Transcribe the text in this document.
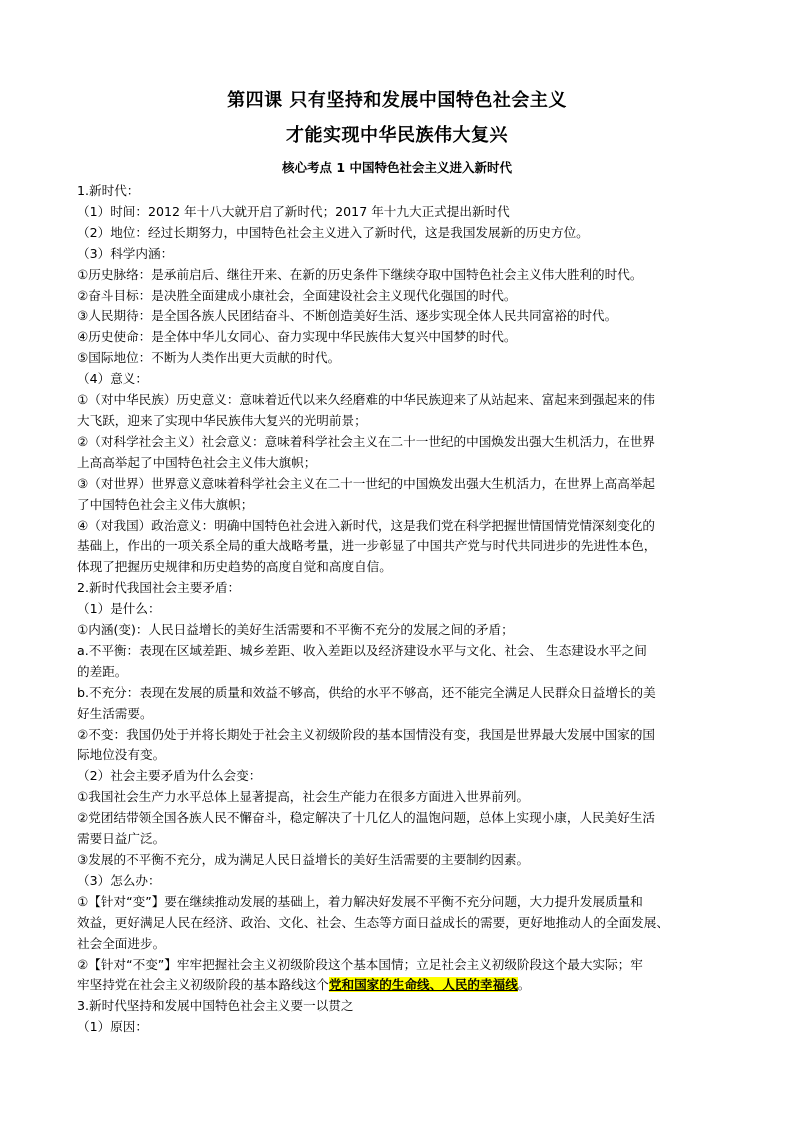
第四课 只有坚持和发展中国特色社会主义
才能实现中华民族伟大复兴
核心考点 1 中国特色社会主义进入新时代

1.新时代：

（1）时间：2012 年十八大就开启了新时代；2017 年十九大正式提出新时代

（2）地位：经过长期努力，中国特色社会主义进入了新时代，这是我国发展新的历史方位。

（3）科学内涵：

①历史脉络：是承前启后、继往开来、在新的历史条件下继续夺取中国特色社会主义伟大胜利的时代。

②奋斗目标：是决胜全面建成小康社会，全面建设社会主义现代化强国的时代。

③人民期待：是全国各族人民团结奋斗、不断创造美好生活、逐步实现全体人民共同富裕的时代。

④历史使命：是全体中华儿女同心、奋力实现中华民族伟大复兴中国梦的时代。

⑤国际地位：不断为人类作出更大贡献的时代。

（4）意义：

①（对中华民族）历史意义：意味着近代以来久经磨难的中华民族迎来了从站起来、富起来到强起来的伟

大飞跃，迎来了实现中华民族伟大复兴的光明前景；

②（对科学社会主义）社会意义：意味着科学社会主义在二十一世纪的中国焕发出强大生机活力，在世界

上高高举起了中国特色社会主义伟大旗帜；

③（对世界）世界意义意味着科学社会主义在二十一世纪的中国焕发出强大生机活力，在世界上高高举起

了中国特色社会主义伟大旗帜；

④（对我国）政治意义：明确中国特色社会进入新时代，这是我们党在科学把握世情国情党情深刻变化的

基础上，作出的一项关系全局的重大战略考量，进一步彰显了中国共产党与时代共同进步的先进性本色，

体现了把握历史规律和历史趋势的高度自觉和高度自信。

2.新时代我国社会主要矛盾：

（1）是什么：

①内涵(变)：人民日益增长的美好生活需要和不平衡不充分的发展之间的矛盾；

a.不平衡：表现在区域差距、城乡差距、收入差距以及经济建设水平与文化、社会、 生态建设水平之间

的差距。

b.不充分：表现在发展的质量和效益不够高，供给的水平不够高，还不能完全满足人民群众日益增长的美

好生活需要。

②不变：我国仍处于并将长期处于社会主义初级阶段的基本国情没有变，我国是世界最大发展中国家的国

际地位没有变。

（2）社会主要矛盾为什么会变：

①我国社会生产力水平总体上显著提高，社会生产能力在很多方面进入世界前列。

②党团结带领全国各族人民不懈奋斗，稳定解决了十几亿人的温饱问题，总体上实现小康，人民美好生活

需要日益广泛。

③发展的不平衡不充分，成为满足人民日益增长的美好生活需要的主要制约因素。

（3）怎么办：

①【针对“变”】要在继续推动发展的基础上，着力解决好发展不平衡不充分问题，大力提升发展质量和

效益，更好满足人民在经济、政治、文化、社会、生态等方面日益成长的需要，更好地推动人的全面发展、

社会全面进步。

②【针对“不变”】牢牢把握社会主义初级阶段这个基本国情；立足社会主义初级阶段这个最大实际；牢

牢坚持党在社会主义初级阶段的基本路线这个党和国家的生命线、人民的幸福线。

3.新时代坚持和发展中国特色社会主义要一以贯之

（1）原因：
